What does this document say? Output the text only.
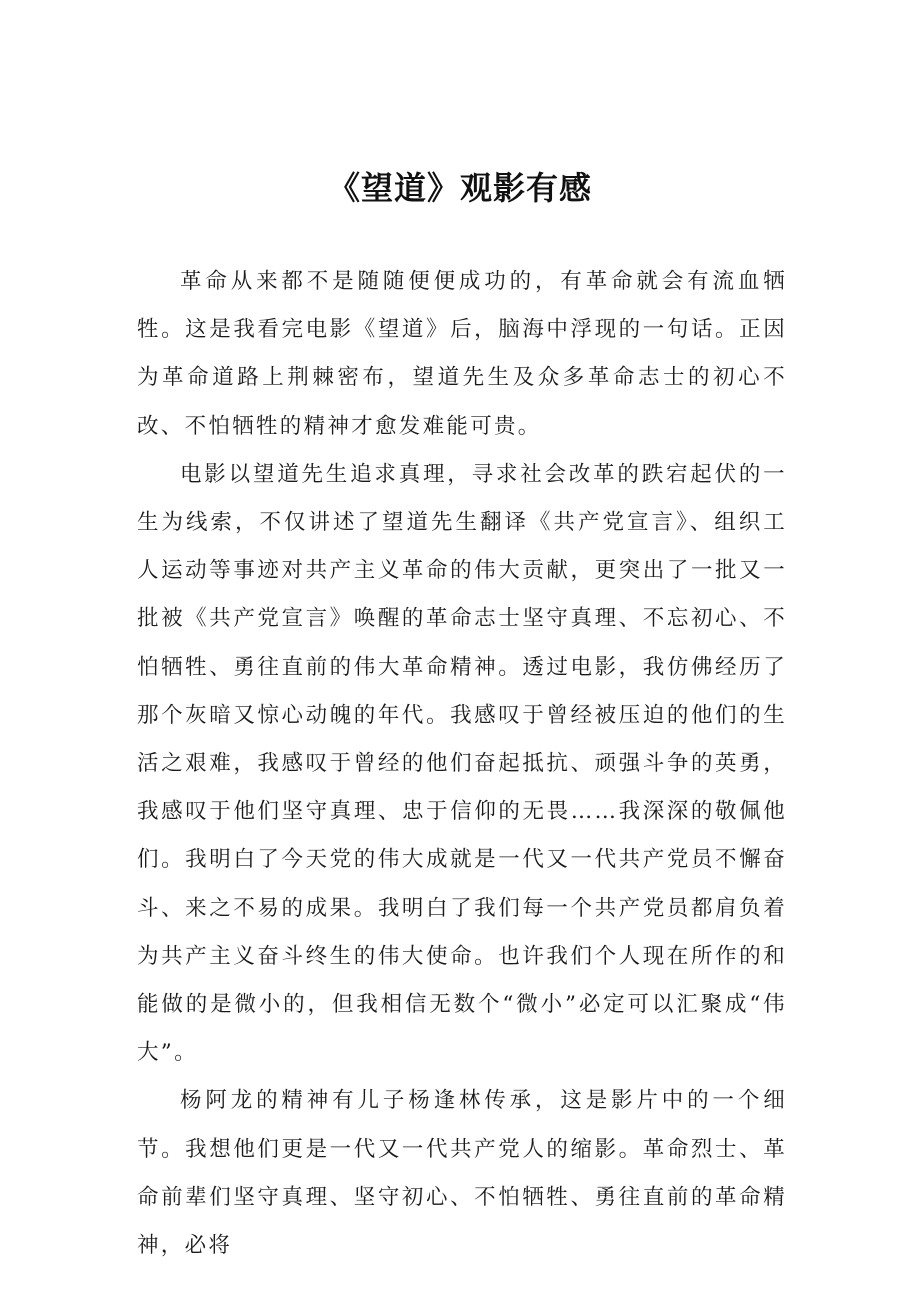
《望道》观影有感

革命从来都不是随随便便成功的，有革命就会有流血牺牲。这是我看完电影《望道》后，脑海中浮现的一句话。正因为革命道路上荆棘密布，望道先生及众多革命志士的初心不改、不怕牺牲的精神才愈发难能可贵。

电影以望道先生追求真理，寻求社会改革的跌宕起伏的一生为线索，不仅讲述了望道先生翻译《共产党宣言》、组织工人运动等事迹对共产主义革命的伟大贡献，更突出了一批又一批被《共产党宣言》唤醒的革命志士坚守真理、不忘初心、不怕牺牲、勇往直前的伟大革命精神。透过电影，我仿佛经历了那个灰暗又惊心动魄的年代。我感叹于曾经被压迫的他们的生活之艰难，我感叹于曾经的他们奋起抵抗、顽强斗争的英勇，我感叹于他们坚守真理、忠于信仰的无畏……我深深的敬佩他们。我明白了今天党的伟大成就是一代又一代共产党员不懈奋斗、来之不易的成果。我明白了我们每一个共产党员都肩负着为共产主义奋斗终生的伟大使命。也许我们个人现在所作的和能做的是微小的，但我相信无数个“微小”必定可以汇聚成“伟大”。

杨阿龙的精神有儿子杨逢林传承，这是影片中的一个细节。我想他们更是一代又一代共产党人的缩影。革命烈士、革命前辈们坚守真理、坚守初心、不怕牺牲、勇往直前的革命精神，必将
